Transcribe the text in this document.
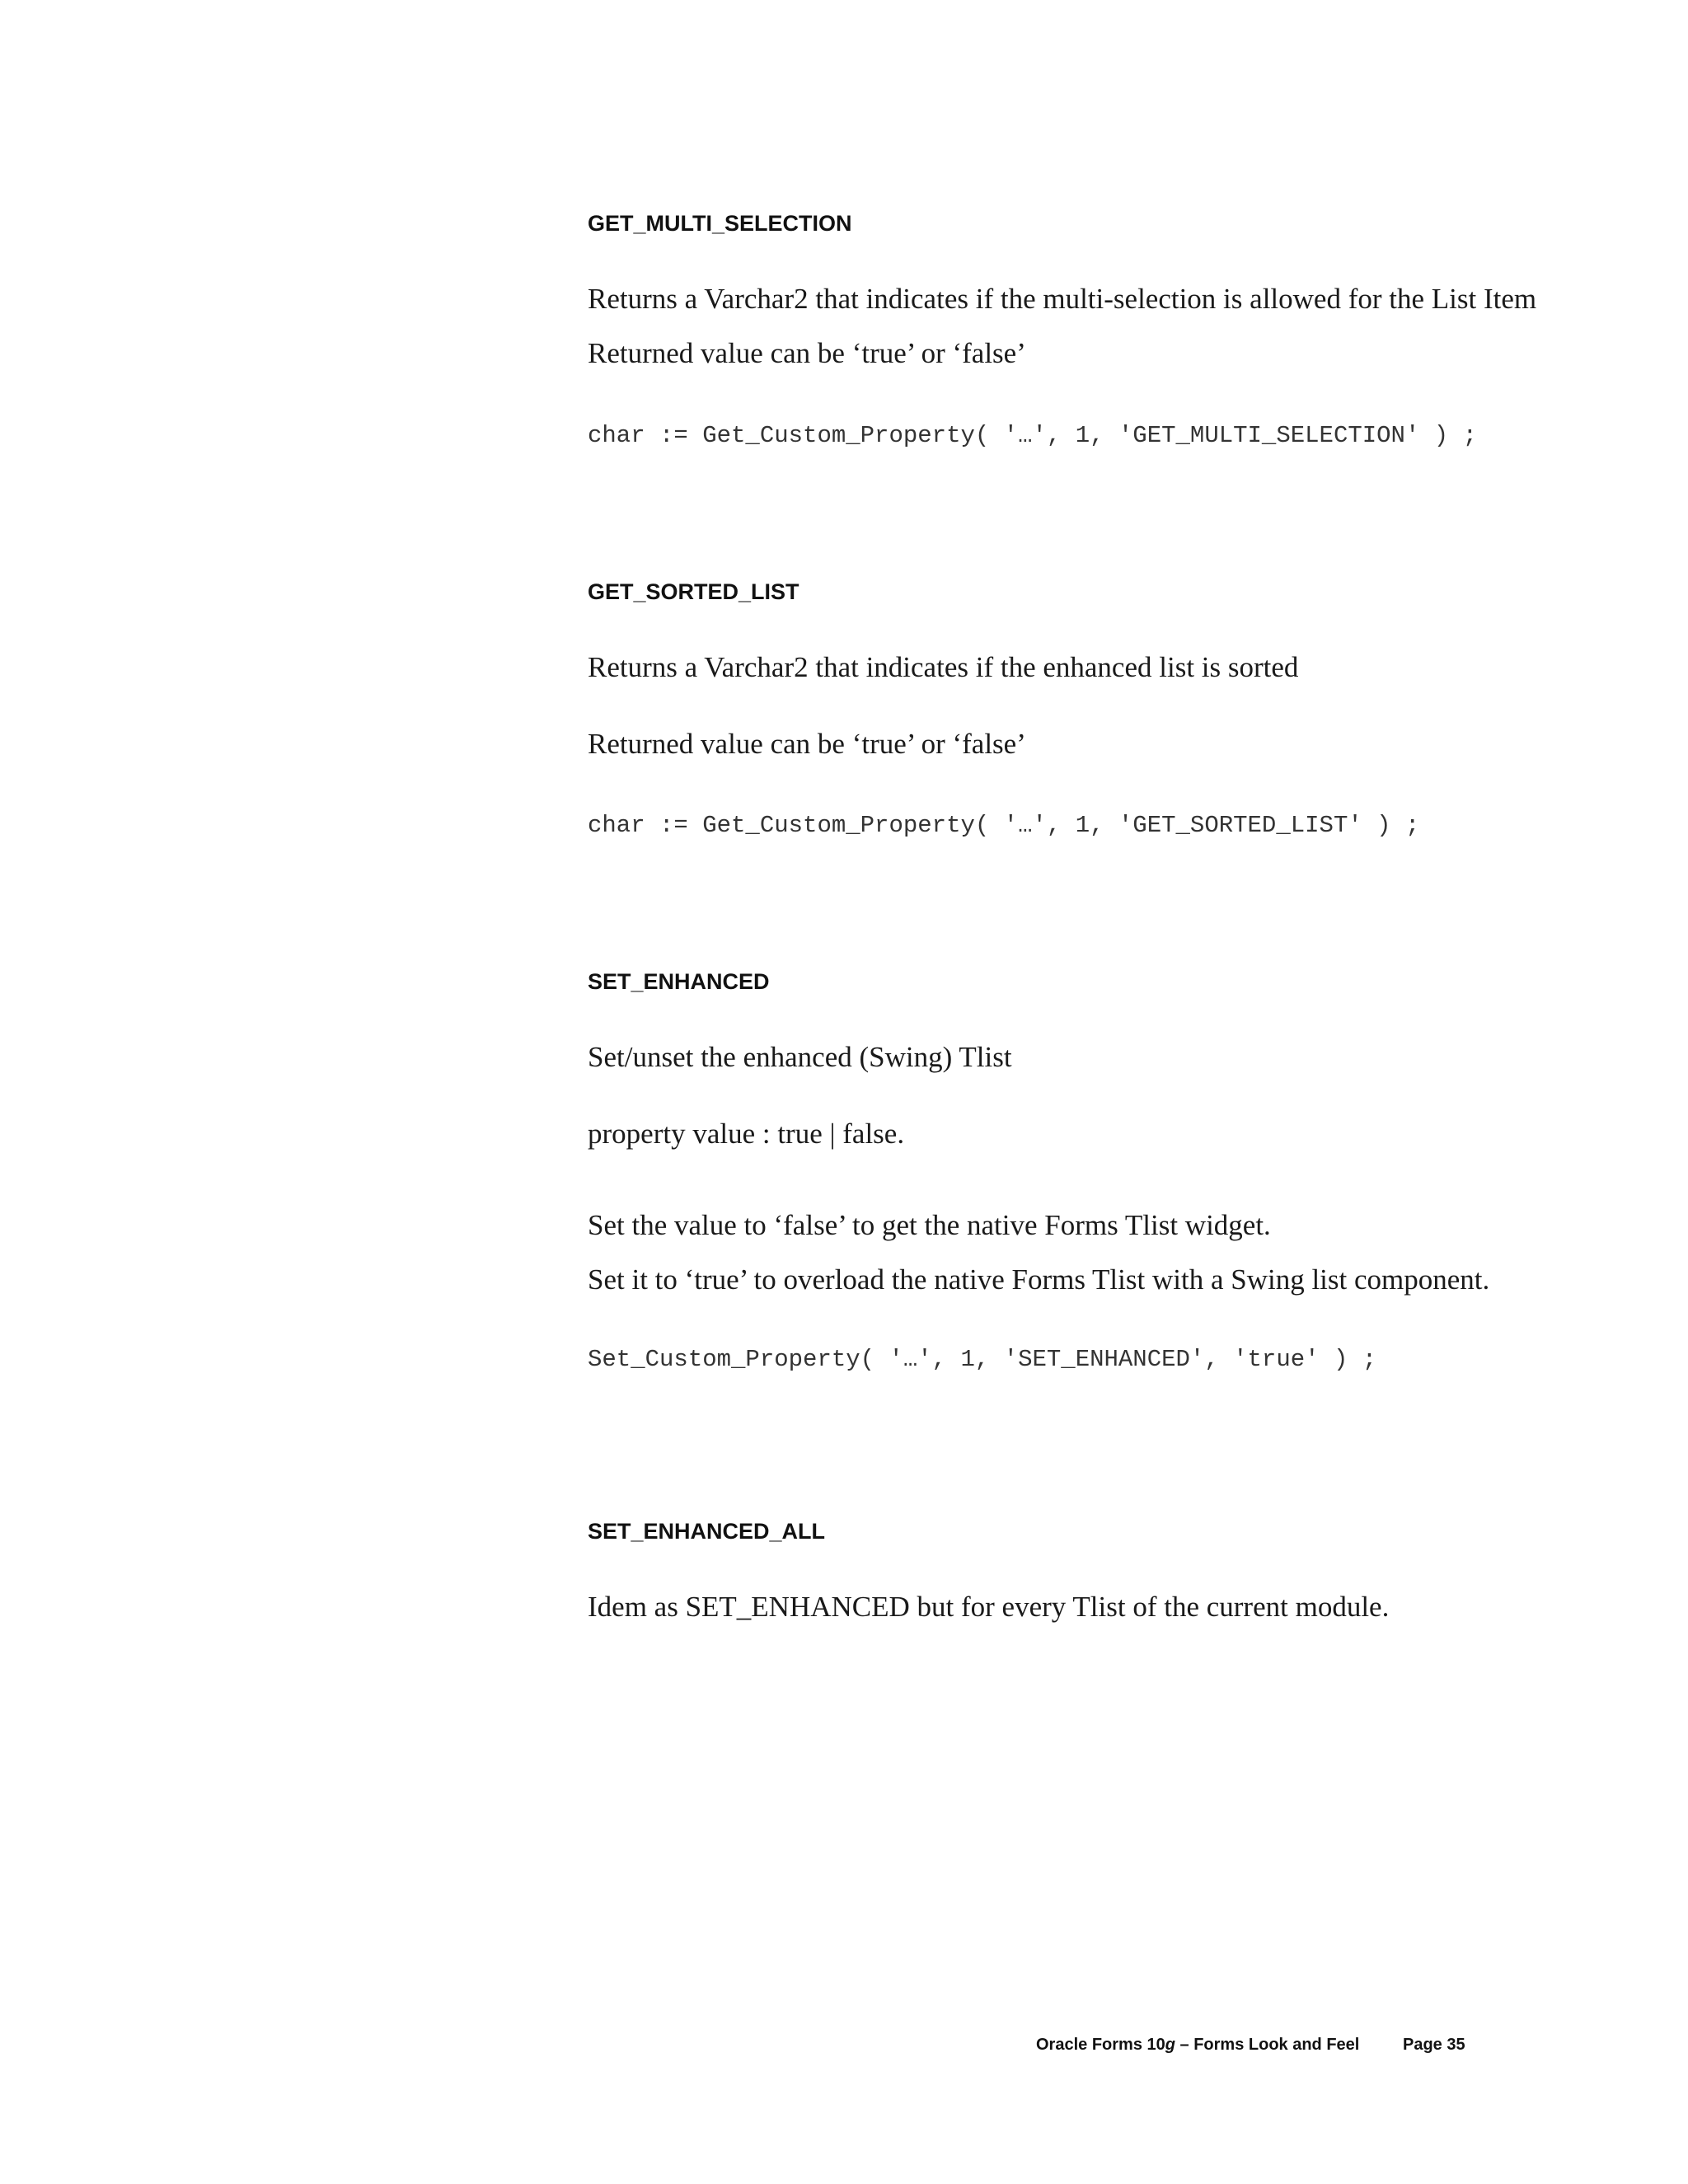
GET_MULTI_SELECTION
Returns a Varchar2 that indicates if the multi-selection is allowed for the List Item
Returned value can be ‘true’ or ‘false’
char := Get_Custom_Property( '…', 1, 'GET_MULTI_SELECTION' ) ;
GET_SORTED_LIST
Returns a Varchar2 that indicates if the enhanced list is sorted
Returned value can be ‘true’ or ‘false’
char := Get_Custom_Property( '…', 1, 'GET_SORTED_LIST' ) ;
SET_ENHANCED
Set/unset the enhanced (Swing) Tlist
property value : true | false.
Set the value to ‘false’ to get the native Forms Tlist widget.
Set it to ‘true’ to overload the native Forms Tlist with a Swing list component.
Set_Custom_Property( '…', 1, 'SET_ENHANCED', 'true' ) ;
SET_ENHANCED_ALL
Idem as SET_ENHANCED but for every Tlist of the current module.
Oracle Forms 10g – Forms Look and Feel	Page 35
